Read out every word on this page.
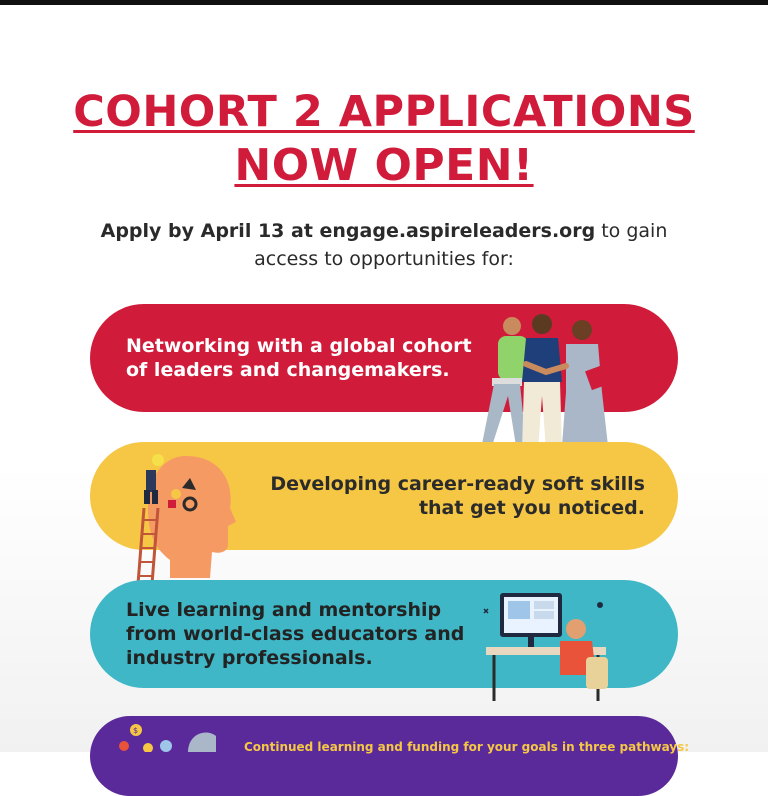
COHORT 2 APPLICATIONS
NOW OPEN!
Apply by April 13 at engage.aspireleaders.org to gain
access to opportunities for:
Networking with a global cohort
of leaders and changemakers.
Developing career-ready soft skills
that get you noticed.
Live learning and mentorship
from world-class educators and
industry professionals.
$
Continued learning and funding for your goals in three pathways:
